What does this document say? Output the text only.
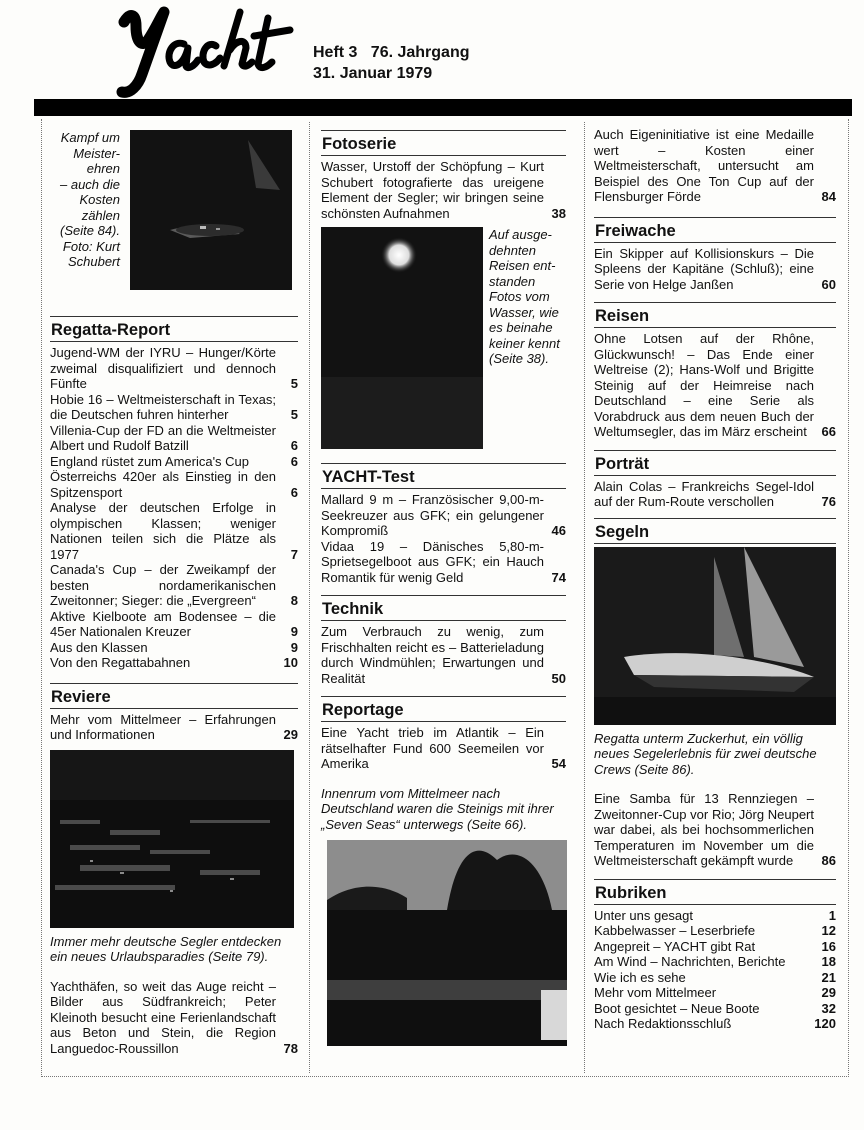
Heft 3   76. Jahrgang
31. Januar 1979
Kampf um
Meister-
ehren
– auch die
Kosten
zählen
(Seite 84).
Foto: Kurt
Schubert
Regatta-Report
Jugend-WM der IYRU – Hunger/Körte zweimal disqualifiziert und dennoch Fünfte	5
Hobie 16 – Weltmeisterschaft in Texas; die Deutschen fuhren hinterher	5
Villenia-Cup der FD an die Weltmeister Albert und Rudolf Batzill	6
England rüstet zum America's Cup	6
Österreichs 420er als Einstieg in den Spitzensport	6
Analyse der deutschen Erfolge in olympischen Klassen; weniger Nationen teilen sich die Plätze als 1977	7
Canada's Cup – der Zweikampf der besten nordamerikanischen Zweitonner; Sieger: die „Evergreen“	8
Aktive Kielboote am Bodensee – die 45er Nationalen Kreuzer	9
Aus den Klassen	9
Von den Regattabahnen	10
Reviere
Mehr vom Mittelmeer – Erfahrungen und Informationen	29
Immer mehr deutsche Segler entdecken ein neues Urlaubsparadies (Seite 79).
Yachthäfen, so weit das Auge reicht – Bilder aus Südfrankreich; Peter Kleinoth besucht eine Ferienlandschaft aus Beton und Stein, die Region Languedoc-Roussillon	78
Fotoserie
Wasser, Urstoff der Schöpfung – Kurt Schubert fotografierte das ureigene Element der Segler; wir bringen seine schönsten Aufnahmen	38
Auf ausge-
dehnten
Reisen ent-
standen
Fotos vom
Wasser, wie
es beinahe
keiner kennt
(Seite 38).
YACHT-Test
Mallard 9 m – Französischer 9,00-m-Seekreuzer aus GFK; ein gelungener Kompromiß	46
Vidaa 19 – Dänisches 5,80-m-Sprietsegelboot aus GFK; ein Hauch Romantik für wenig Geld	74
Technik
Zum Verbrauch zu wenig, zum Frischhalten reicht es – Batterieladung durch Windmühlen; Erwartungen und Realität	50
Reportage
Eine Yacht trieb im Atlantik – Ein rätselhafter Fund 600 Seemeilen vor Amerika	54
Innenrum vom Mittelmeer nach Deutschland waren die Steinigs mit ihrer „Seven Seas“ unterwegs (Seite 66).
Auch Eigeninitiative ist eine Medaille wert – Kosten einer Weltmeisterschaft, untersucht am Beispiel des One Ton Cup auf der Flensburger Förde	84
Freiwache
Ein Skipper auf Kollisionskurs – Die Spleens der Kapitäne (Schluß); eine Serie von Helge Janßen	60
Reisen
Ohne Lotsen auf der Rhône, Glückwunsch! – Das Ende einer Weltreise (2); Hans-Wolf und Brigitte Steinig auf der Heimreise nach Deutschland – eine Serie als Vorabdruck aus dem neuen Buch der Weltumsegler, das im März erscheint 66
Porträt
Alain Colas – Frankreichs Segel-Idol auf der Rum-Route verschollen	76
Segeln
Regatta unterm Zuckerhut, ein völlig neues Segelerlebnis für zwei deutsche Crews (Seite 86).
Eine Samba für 13 Rennziegen – Zweitonner-Cup vor Rio; Jörg Neupert war dabei, als bei hochsommerlichen Temperaturen im November um die Weltmeisterschaft gekämpft wurde 86
Rubriken
Unter uns gesagt	1
Kabbelwasser – Leserbriefe	12
Angepreit – YACHT gibt Rat	16
Am Wind – Nachrichten, Berichte	18
Wie ich es sehe	21
Mehr vom Mittelmeer	29
Boot gesichtet – Neue Boote	32
Nach Redaktionsschluß	120
